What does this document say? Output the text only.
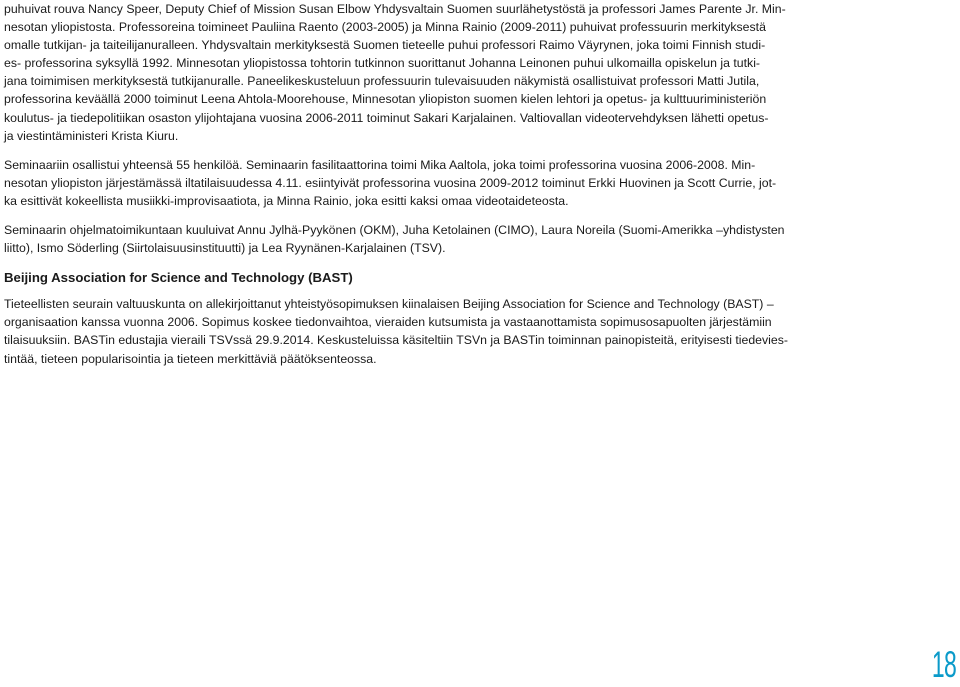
puhuivat rouva Nancy Speer, Deputy Chief of Mission Susan Elbow Yhdysvaltain Suomen suurlähetystöstä ja professori James Parente Jr. Min-

nesotan yliopistosta. Professoreina toimineet Pauliina Raento (2003-2005) ja Minna Rainio (2009-2011) puhuivat professuurin merkityksestä

omalle tutkijan- ja taiteilijanuralleen. Yhdysvaltain merkityksestä Suomen tieteelle puhui professori Raimo Väyrynen, joka toimi Finnish studi-

es- professorina syksyllä 1992. Minnesotan yliopistossa tohtorin tutkinnon suorittanut Johanna Leinonen puhui ulkomailla opiskelun ja tutki-

jana toimimisen merkityksestä tutkijanuralle. Paneelikeskusteluun professuurin tulevaisuuden näkymistä osallistuivat professori Matti Jutila,

professorina keväällä 2000 toiminut Leena Ahtola-Moorehouse, Minnesotan yliopiston suomen kielen lehtori ja opetus- ja kulttuuriministeriön

koulutus- ja tiedepolitiikan osaston ylijohtajana vuosina 2006-2011 toiminut Sakari Karjalainen. Valtiovallan videotervehdyksen lähetti opetus-

ja viestintäministeri Krista Kiuru.

Seminaariin osallistui yhteensä 55 henkilöä. Seminaarin fasilitaattorina toimi Mika Aaltola, joka toimi professorina vuosina 2006-2008. Min-

nesotan yliopiston järjestämässä iltatilaisuudessa 4.11. esiintyivät professorina vuosina 2009-2012 toiminut Erkki Huovinen ja Scott Currie, jot-

ka esittivät kokeellista musiikki-improvisaatiota, ja Minna Rainio, joka esitti kaksi omaa videotaideteosta.

Seminaarin ohjelmatoimikuntaan kuuluivat Annu Jylhä-Pyykönen (OKM), Juha Ketolainen (CIMO), Laura Noreila (Suomi-Amerikka –yhdistysten

liitto), Ismo Söderling (Siirtolaisuusinstituutti) ja Lea Ryynänen-Karjalainen (TSV).

Beijing Association for Science and Technology (BAST)

Tieteellisten seurain valtuuskunta on allekirjoittanut yhteistyösopimuksen kiinalaisen Beijing Association for Science and Technology (BAST) –

organisaation kanssa vuonna 2006. Sopimus koskee tiedonvaihtoa, vieraiden kutsumista ja vastaanottamista sopimusosapuolten järjestämiin

tilaisuuksiin. BASTin edustajia vieraili TSVssä 29.9.2014. Keskusteluissa käsiteltiin TSVn ja BASTin toiminnan painopisteitä, erityisesti tiedevies-

tintää, tieteen popularisointia ja tieteen merkittäviä päätöksenteossa.

18
